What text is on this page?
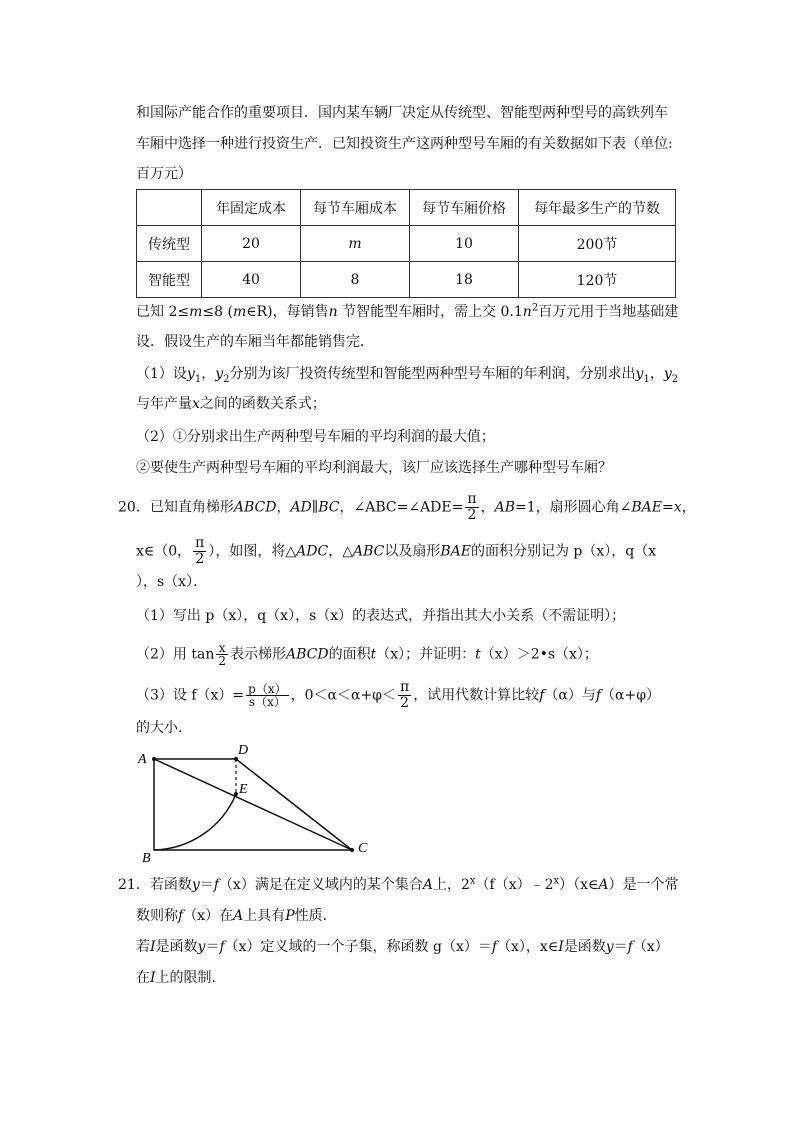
和国际产能合作的重要项目．国内某车辆厂决定从传统型、智能型两种型号的高铁列车
车厢中选择一种进行投资生产．已知投资生产这两种型号车厢的有关数据如下表（单位:
百万元）
	年固定成本	每节车厢成本	每节车厢价格	每年最多生产的节数
传统型	20	m	10	200节
智能型	40	8	18	120节
已知 2≤m≤8 (m∈R)，每销售n 节智能型车厢时，需上交 $0.1n^2$百万元用于当地基础建
设．假设生产的车厢当年都能销售完．
（1）设$y_1$，$y_2$分别为该厂投资传统型和智能型两种型号车厢的年利润，分别求出$y_1$，$y_2$
与年产量x之间的函数关系式；
（2）①分别求出生产两种型号车厢的平均利润的最大值；
②要使生产两种型号车厢的平均利润最大，该厂应该选择生产哪种型号车厢？
20．已知直角梯形ABCD，AD∥BC，∠ABC=∠ADE= $\frac{\pi}{2}$ ，AB=1，扇形圆心角∠BAE=x，
x∈（0， $\frac{\pi}{2}$ ），如图，将△ADC，△ABC以及扇形BAE的面积分别记为 p（x），q（x
），s（x）．
（1）写出 p（x），q（x），s（x）的表达式，并指出其大小关系（不需证明）；
（2）用 $\tan \frac{x}{2}$ 表示梯形ABCD的面积t（x）；并证明：t（x）＞2•s（x）；
（3）设 $f(x)= \frac{p(x)}{s(x)}$ ，$0<\alpha<\alpha+\varphi< \frac{\pi}{2}$ ，试用代数计算比较f（α）与f（α+φ）
的大小．
A
D
E
B
C
21．若函数y＝f（x）满足在定义域内的某个集合A上，2$^x$（f（x）﹣2$^x$）（x∈A）是一个常
数则称f（x）在A上具有P性质．
若I是函数y＝f（x）定义域的一个子集，称函数 g（x）＝f（x），x∈I是函数y＝f（x）
在I上的限制．
